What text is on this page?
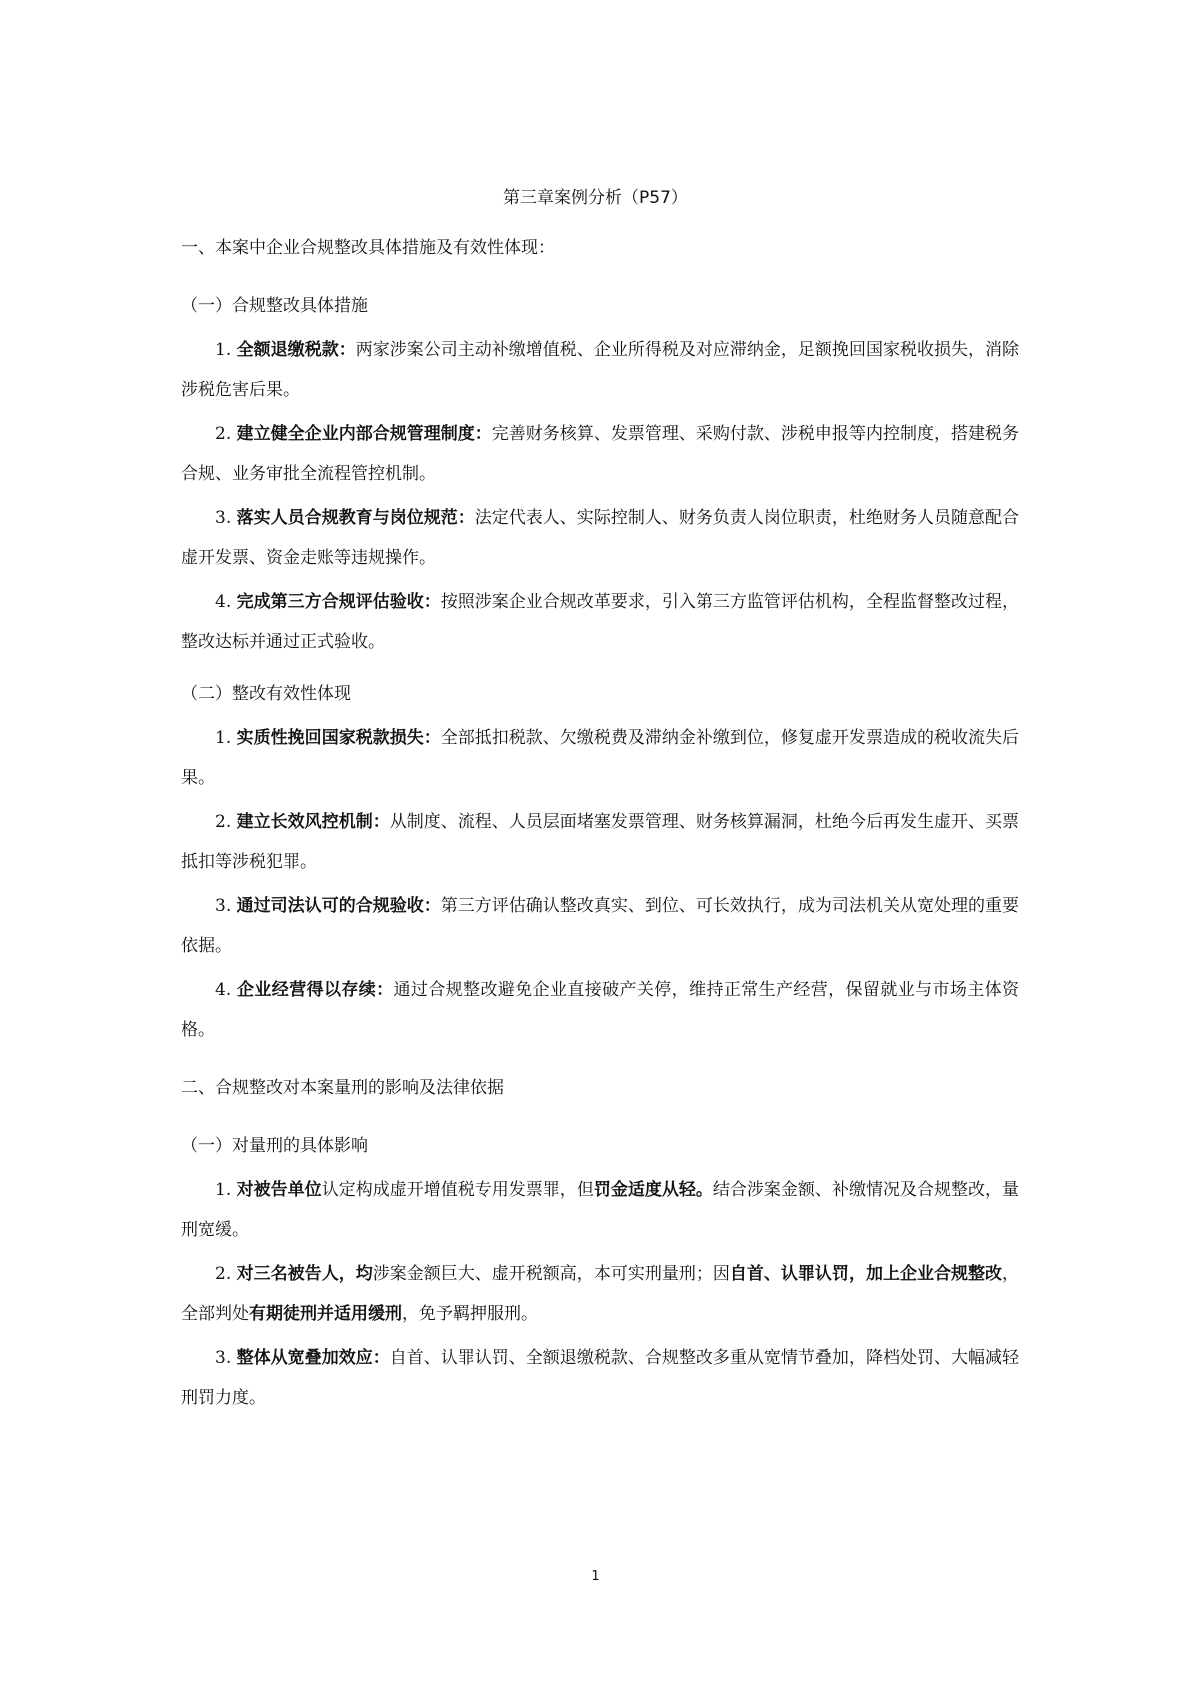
第三章案例分析（P57）
一、本案中企业合规整改具体措施及有效性体现：
（一）合规整改具体措施

1. 全额退缴税款：两家涉案公司主动补缴增值税、企业所得税及对应滞纳金，足额挽回国家税收损失，消除涉税危害后果。

2. 建立健全企业内部合规管理制度：完善财务核算、发票管理、采购付款、涉税申报等内控制度，搭建税务合规、业务审批全流程管控机制。

3. 落实人员合规教育与岗位规范：法定代表人、实际控制人、财务负责人岗位职责，杜绝财务人员随意配合虚开发票、资金走账等违规操作。

4. 完成第三方合规评估验收：按照涉案企业合规改革要求，引入第三方监管评估机构，全程监督整改过程，整改达标并通过正式验收。

（二）整改有效性体现

1. 实质性挽回国家税款损失：全部抵扣税款、欠缴税费及滞纳金补缴到位，修复虚开发票造成的税收流失后果。

2. 建立长效风控机制：从制度、流程、人员层面堵塞发票管理、财务核算漏洞，杜绝今后再发生虚开、买票抵扣等涉税犯罪。

3. 通过司法认可的合规验收：第三方评估确认整改真实、到位、可长效执行，成为司法机关从宽处理的重要依据。

4. 企业经营得以存续：通过合规整改避免企业直接破产关停，维持正常生产经营，保留就业与市场主体资格。

二、合规整改对本案量刑的影响及法律依据
（一）对量刑的具体影响

1. 对被告单位认定构成虚开增值税专用发票罪，但罚金适度从轻。结合涉案金额、补缴情况及合规整改，量刑宽缓。

2. 对三名被告人，均涉案金额巨大、虚开税额高，本可实刑量刑；因自首、认罪认罚，加上企业合规整改，全部判处有期徒刑并适用缓刑，免予羁押服刑。

3. 整体从宽叠加效应：自首、认罪认罚、全额退缴税款、合规整改多重从宽情节叠加，降档处罚、大幅减轻刑罚力度。

1
